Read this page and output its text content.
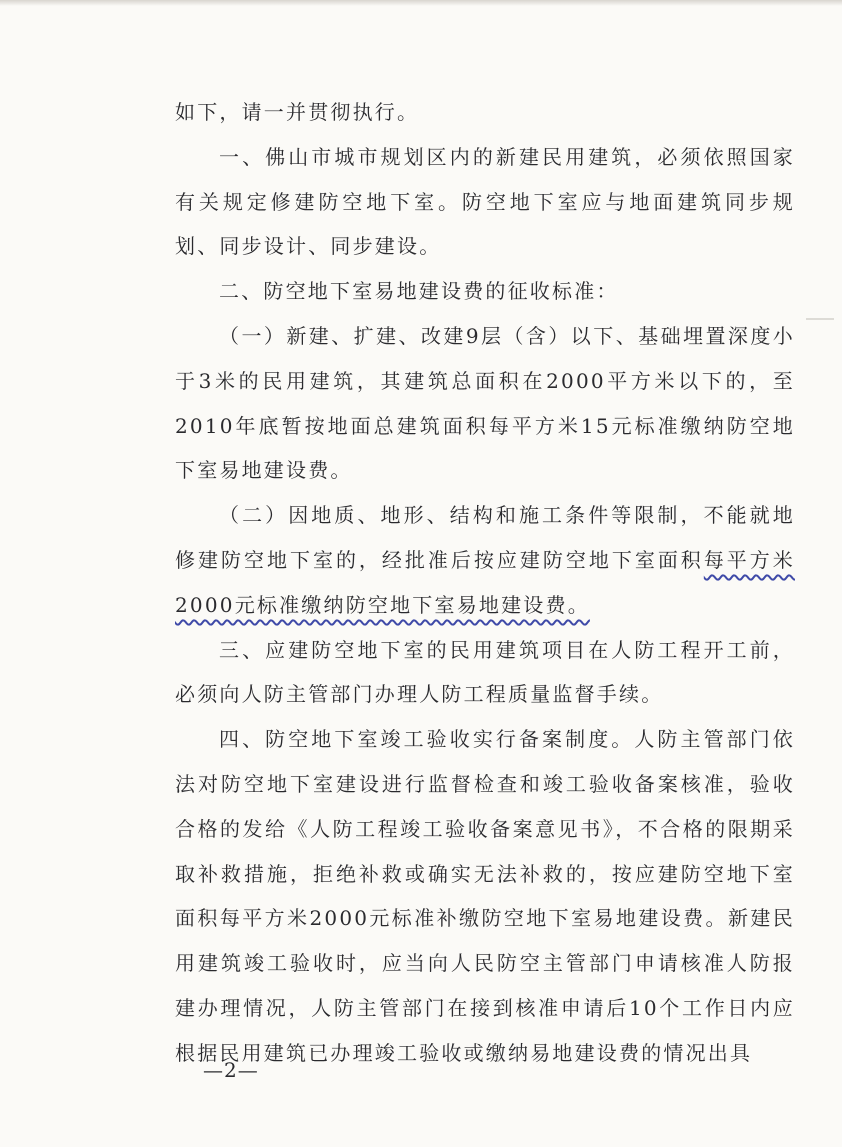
如下，请一并贯彻执行。

一、佛山市城市规划区内的新建民用建筑，必须依照国家有关规定修建防空地下室。防空地下室应与地面建筑同步规划、同步设计、同步建设。

二、防空地下室易地建设费的征收标准：

（一）新建、扩建、改建9层（含）以下、基础埋置深度小于3米的民用建筑，其建筑总面积在2000平方米以下的，至2010年底暂按地面总建筑面积每平方米15元标准缴纳防空地下室易地建设费。

（二）因地质、地形、结构和施工条件等限制，不能就地修建防空地下室的，经批准后按应建防空地下室面积每平方米2000元标准缴纳防空地下室易地建设费。

三、应建防空地下室的民用建筑项目在人防工程开工前，必须向人防主管部门办理人防工程质量监督手续。

四、防空地下室竣工验收实行备案制度。人防主管部门依法对防空地下室建设进行监督检查和竣工验收备案核准，验收合格的发给《人防工程竣工验收备案意见书》，不合格的限期采取补救措施，拒绝补救或确实无法补救的，按应建防空地下室面积每平方米2000元标准补缴防空地下室易地建设费。新建民用建筑竣工验收时，应当向人民防空主管部门申请核准人防报建办理情况，人防主管部门在接到核准申请后10个工作日内应根据民用建筑已办理竣工验收或缴纳易地建设费的情况出具

—2—
